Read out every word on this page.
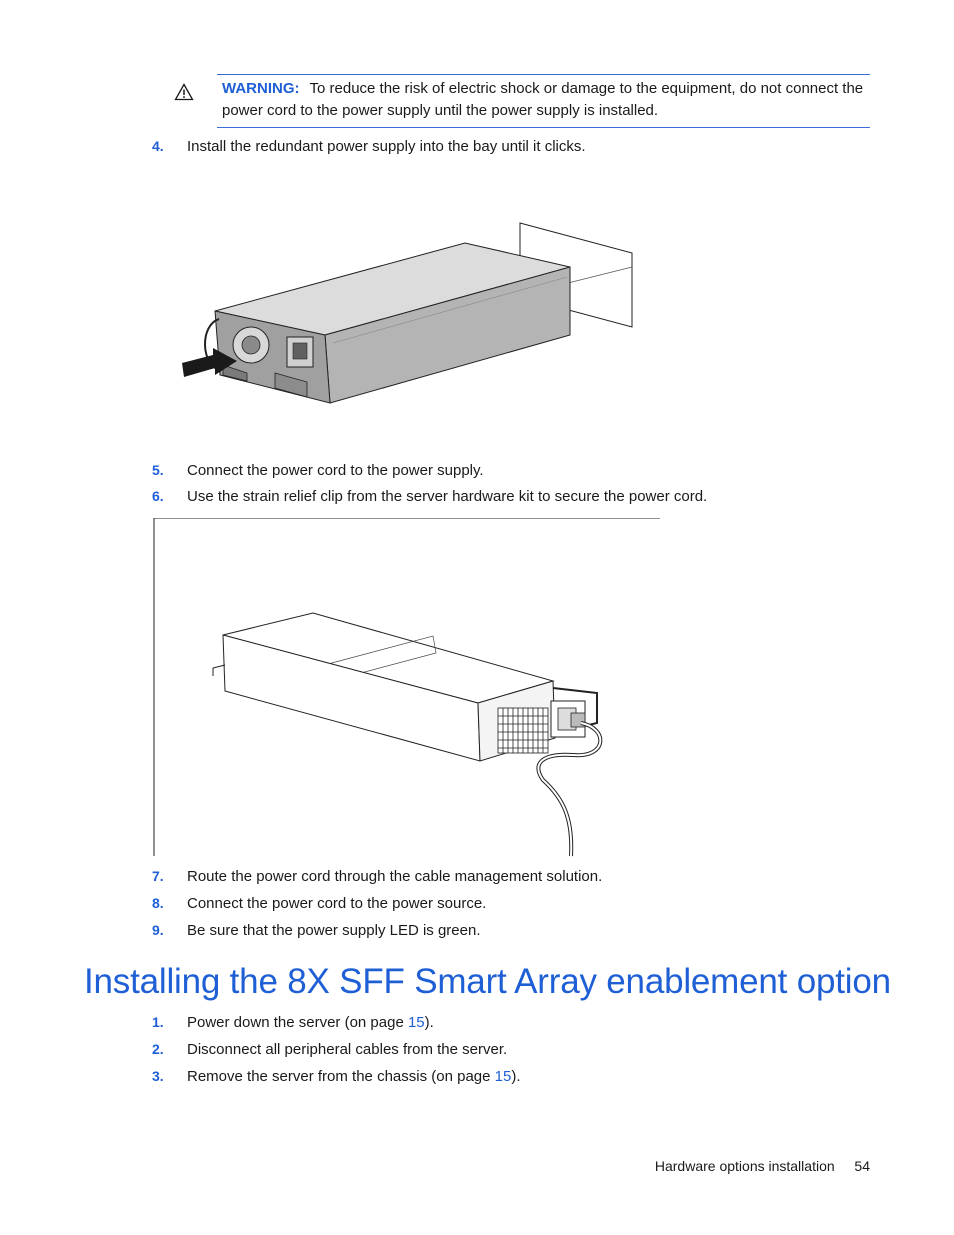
WARNING: To reduce the risk of electric shock or damage to the equipment, do not connect the power cord to the power supply until the power supply is installed.
4.	Install the redundant power supply into the bay until it clicks.
5.	Connect the power cord to the power supply.
6.	Use the strain relief clip from the server hardware kit to secure the power cord.
7.	Route the power cord through the cable management solution.
8.	Connect the power cord to the power source.
9.	Be sure that the power supply LED is green.
Installing the 8X SFF Smart Array enablement option
1.	Power down the server (on page 15).
2.	Disconnect all peripheral cables from the server.
3.	Remove the server from the chassis (on page 15).
Hardware options installation 54
